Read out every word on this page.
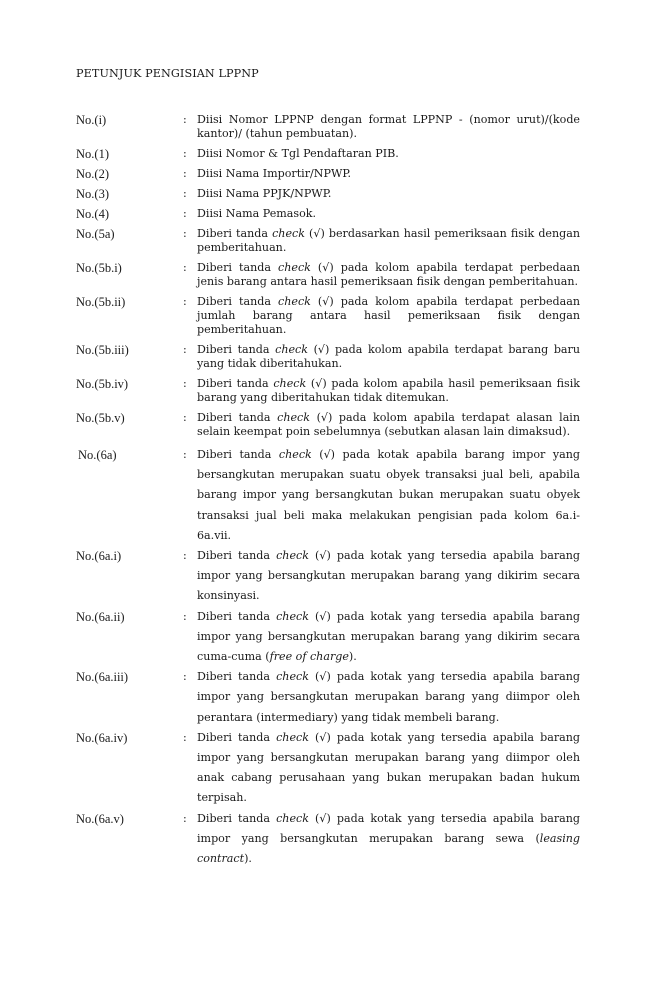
PETUNJUK PENGISIAN LPPNP
No.(i)	: Diisi Nomor LPPNP dengan format LPPNP - (nomor urut)/(kode kantor)/ (tahun pembuatan).
No.(1)	: Diisi Nomor & Tgl Pendaftaran PIB.
No.(2)	: Diisi Nama Importir/NPWP.
No.(3)	: Diisi Nama PPJK/NPWP.
No.(4)	: Diisi Nama Pemasok.
No.(5a)	: Diberi tanda check (√) berdasarkan hasil pemeriksaan fisik dengan pemberitahuan.
No.(5b.i)	: Diberi tanda check (√) pada kolom apabila terdapat perbedaan jenis barang antara hasil pemeriksaan fisik dengan pemberitahuan.
No.(5b.ii)	: Diberi tanda check (√) pada kolom apabila terdapat perbedaan jumlah barang antara hasil pemeriksaan fisik dengan pemberitahuan.
No.(5b.iii)	: Diberi tanda check (√) pada kolom apabila terdapat barang baru yang tidak diberitahukan.
No.(5b.iv)	: Diberi tanda check (√) pada kolom apabila hasil pemeriksaan fisik barang yang diberitahukan tidak ditemukan.
No.(5b.v)	: Diberi tanda check (√) pada kolom apabila terdapat alasan lain selain keempat poin sebelumnya (sebutkan alasan lain dimaksud).
No.(6a)	: Diberi tanda check (√) pada kotak apabila barang impor yang bersangkutan merupakan suatu obyek transaksi jual beli, apabila barang impor yang bersangkutan bukan merupakan suatu obyek transaksi jual beli maka melakukan pengisian pada kolom 6a.i-6a.vii.
No.(6a.i)	: Diberi tanda check (√) pada kotak yang tersedia apabila barang impor yang bersangkutan merupakan barang yang dikirim secara konsinyasi.
No.(6a.ii)	: Diberi tanda check (√) pada kotak yang tersedia apabila barang impor yang bersangkutan merupakan barang yang dikirim secara cuma-cuma (free of charge).
No.(6a.iii)	: Diberi tanda check (√) pada kotak yang tersedia apabila barang impor yang bersangkutan merupakan barang yang diimpor oleh perantara (intermediary) yang tidak membeli barang.
No.(6a.iv)	: Diberi tanda check (√) pada kotak yang tersedia apabila barang impor yang bersangkutan merupakan barang yang diimpor oleh anak cabang perusahaan yang bukan merupakan badan hukum terpisah.
No.(6a.v)	: Diberi tanda check (√) pada kotak yang tersedia apabila barang impor yang bersangkutan merupakan barang sewa (leasing contract).
